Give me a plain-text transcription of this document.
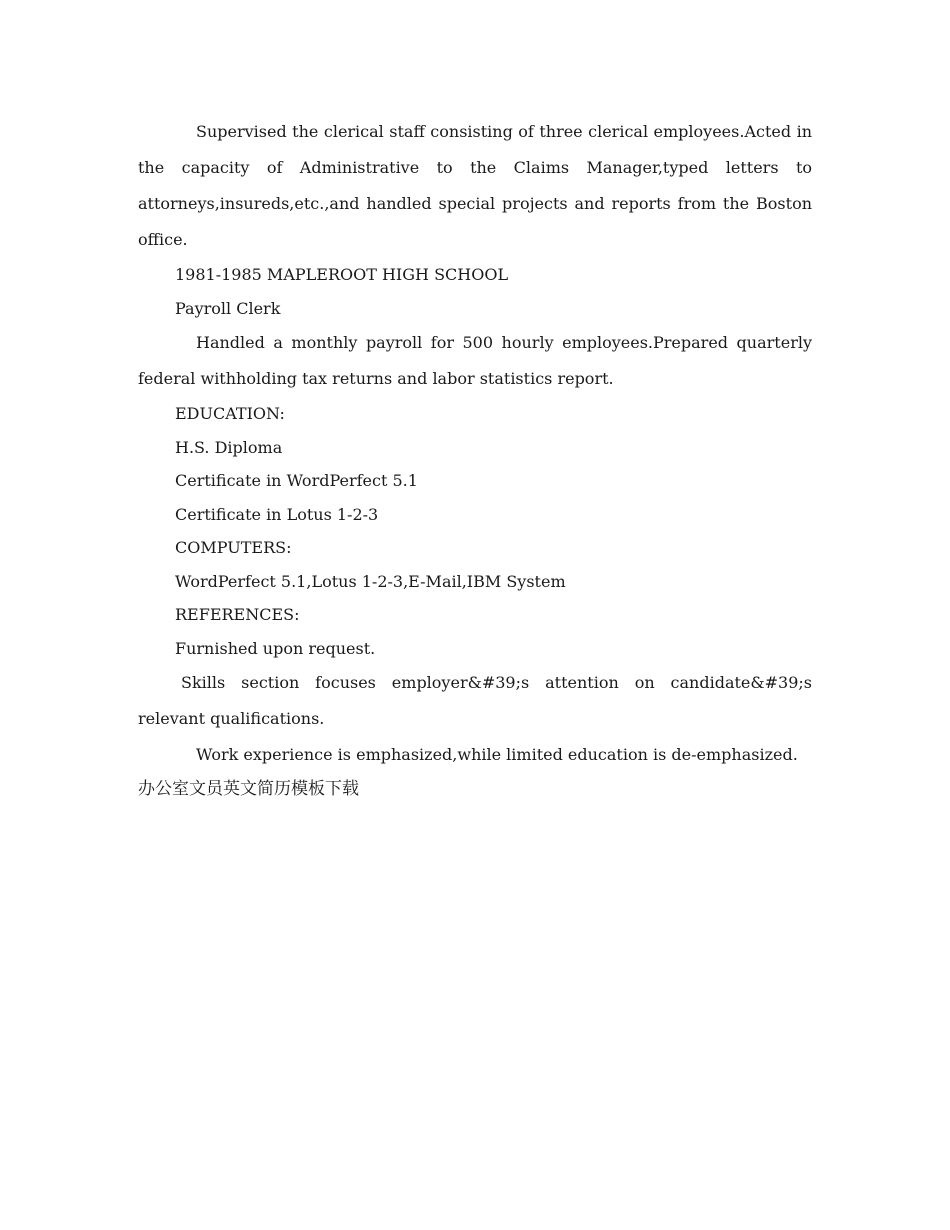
Supervised the clerical staff consisting of three clerical employees.Acted in the capacity of Administrative to the Claims Manager,typed letters to attorneys,insureds,etc.,and handled special projects and reports from the Boston office.

1981-1985 MAPLEROOT HIGH SCHOOL

Payroll Clerk

Handled a monthly payroll for 500 hourly employees.Prepared quarterly federal withholding tax returns and labor statistics report.

EDUCATION:

H.S. Diploma

Certificate in WordPerfect 5.1

Certificate in Lotus 1-2-3

COMPUTERS:

WordPerfect 5.1,Lotus 1-2-3,E-Mail,IBM System

REFERENCES:

Furnished upon request.

Skills section focuses employer&#39;s attention on candidate&#39;s relevant qualifications.

Work experience is emphasized,while limited education is de-emphasized.

办公室文员英文简历模板下载
